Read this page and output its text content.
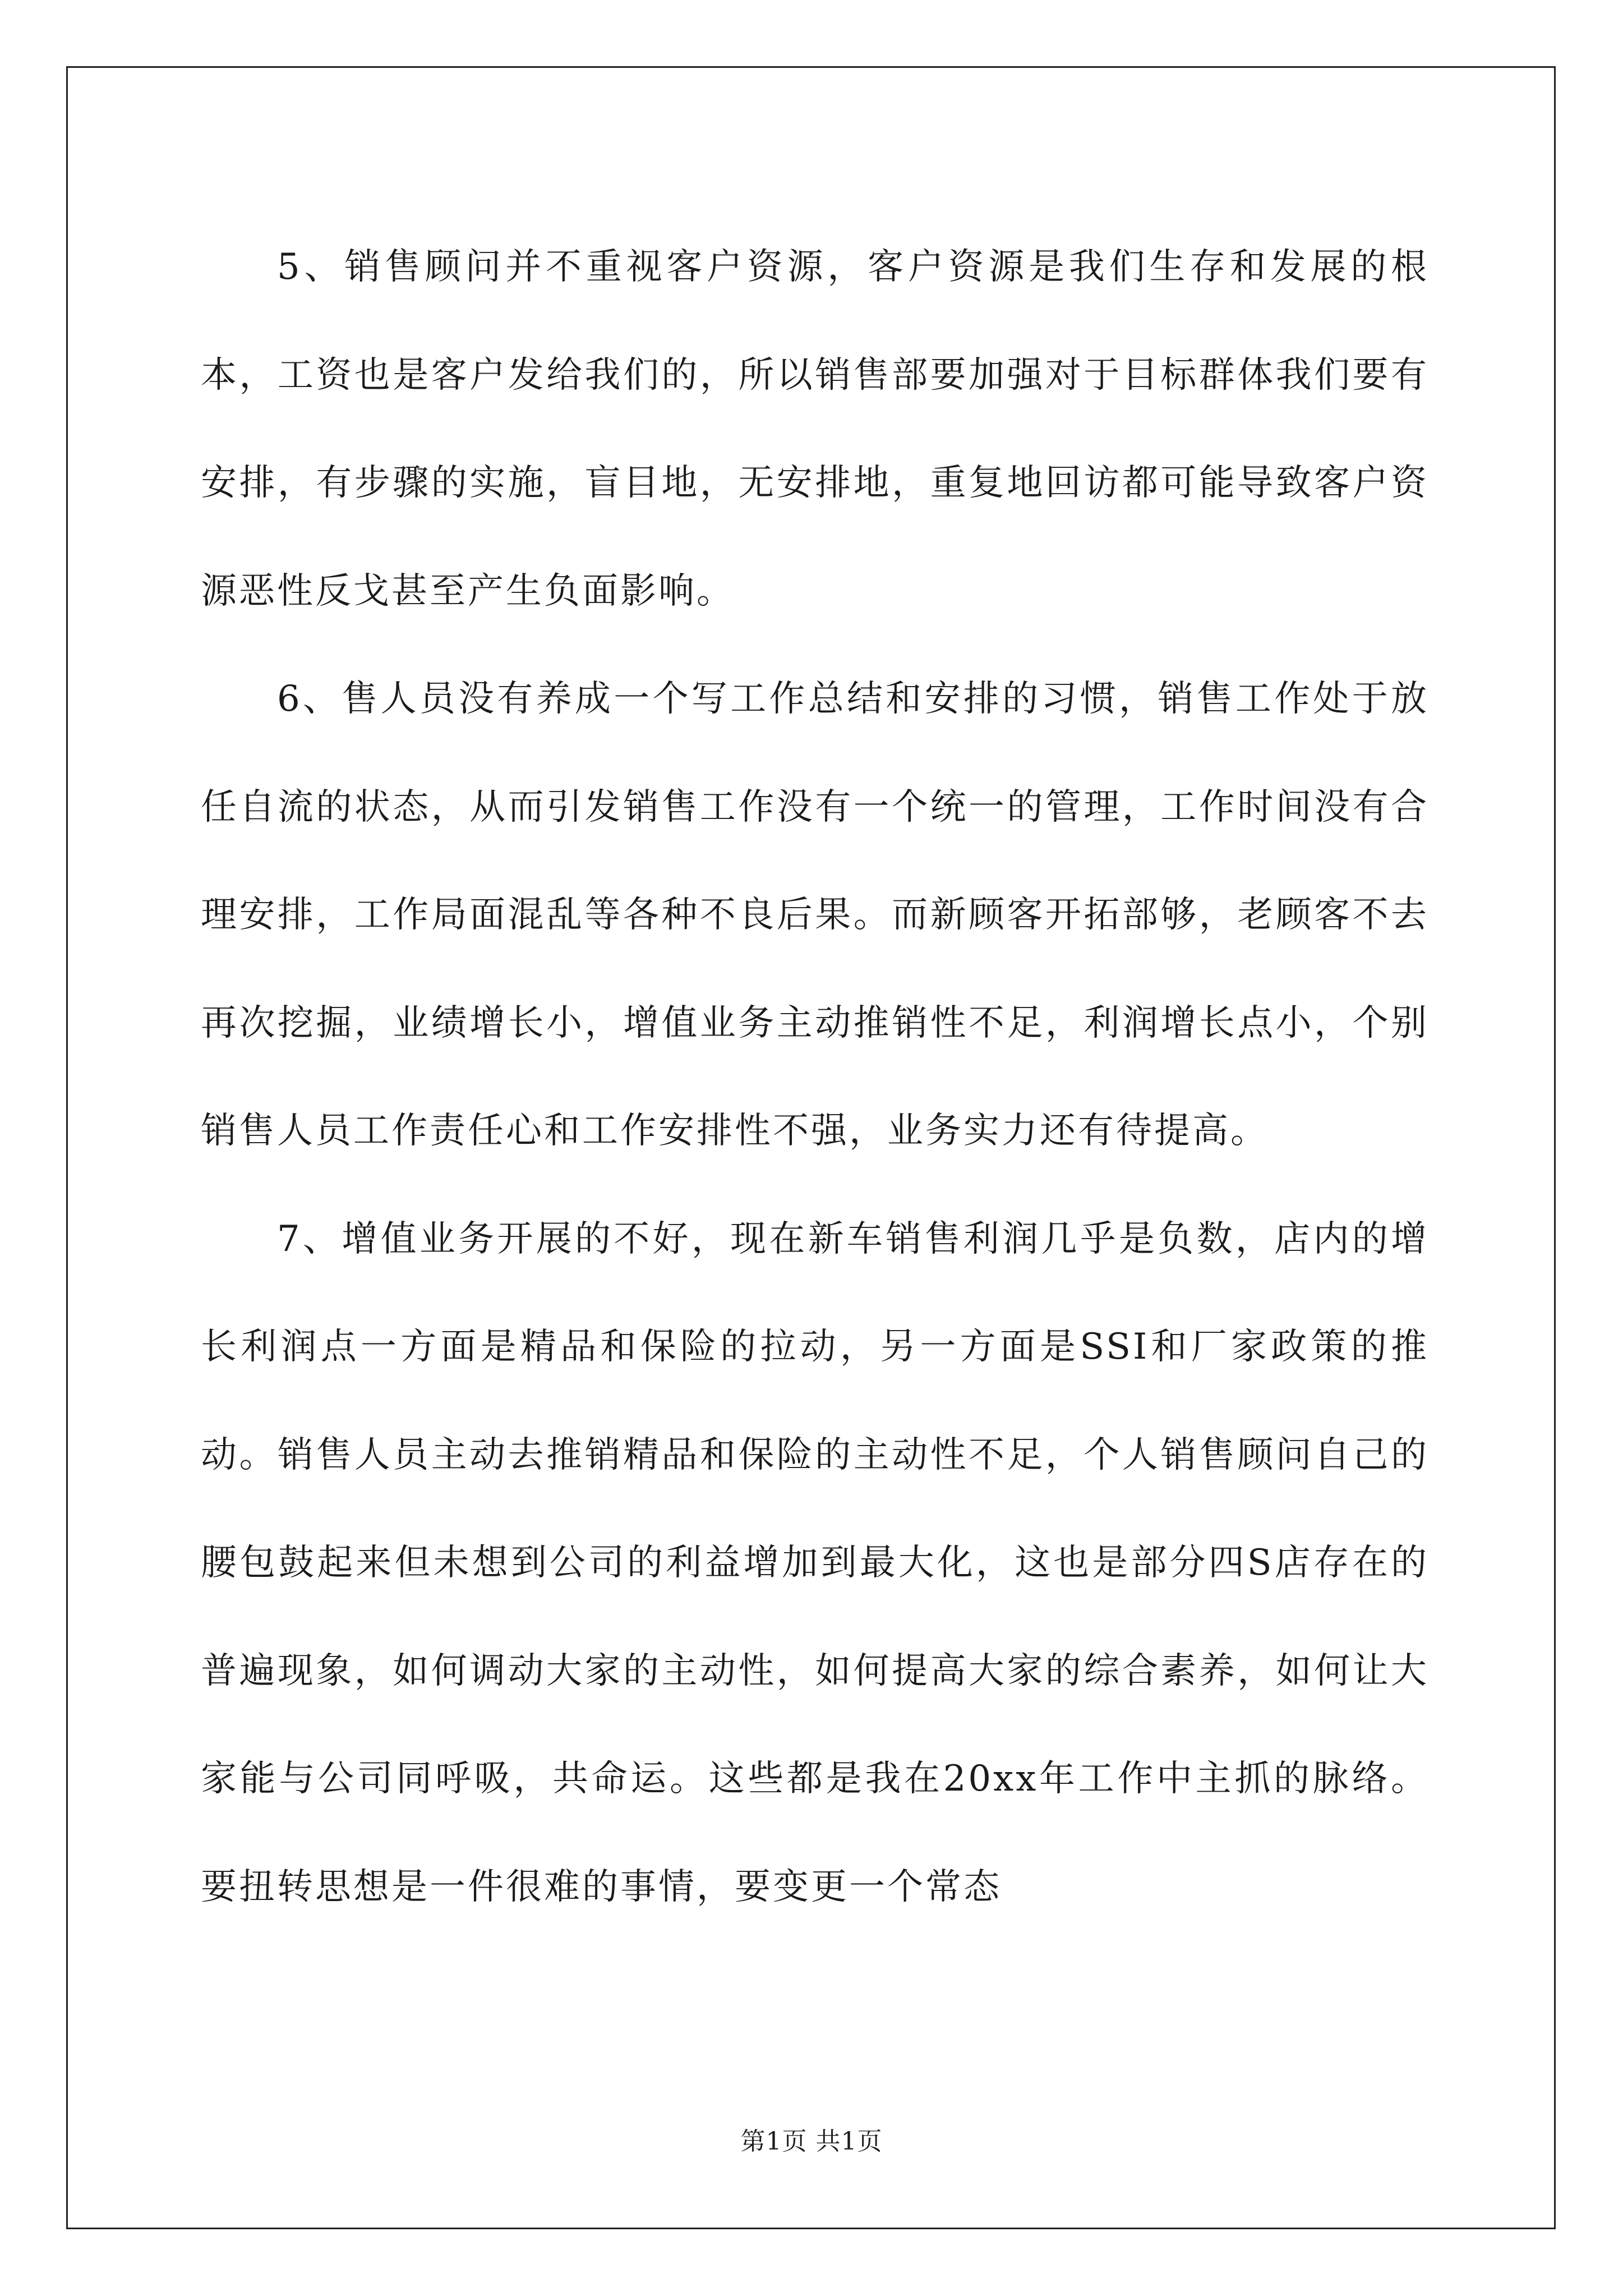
5、销售顾问并不重视客户资源，客户资源是我们生存和发展的根本，工资也是客户发给我们的，所以销售部要加强对于目标群体我们要有安排，有步骤的实施，盲目地，无安排地，重复地回访都可能导致客户资源恶性反戈甚至产生负面影响。

6、售人员没有养成一个写工作总结和安排的习惯，销售工作处于放任自流的状态，从而引发销售工作没有一个统一的管理，工作时间没有合理安排，工作局面混乱等各种不良后果。而新顾客开拓部够，老顾客不去再次挖掘，业绩增长小，增值业务主动推销性不足，利润增长点小，个别销售人员工作责任心和工作安排性不强，业务实力还有待提高。

7、增值业务开展的不好，现在新车销售利润几乎是负数，店内的增长利润点一方面是精品和保险的拉动，另一方面是SSI和厂家政策的推动。销售人员主动去推销精品和保险的主动性不足，个人销售顾问自己的腰包鼓起来但未想到公司的利益增加到最大化，这也是部分四S店存在的普遍现象，如何调动大家的主动性，如何提高大家的综合素养，如何让大家能与公司同呼吸，共命运。这些都是我在20xx年工作中主抓的脉络。要扭转思想是一件很难的事情，要变更一个常态

第1页 共1页
